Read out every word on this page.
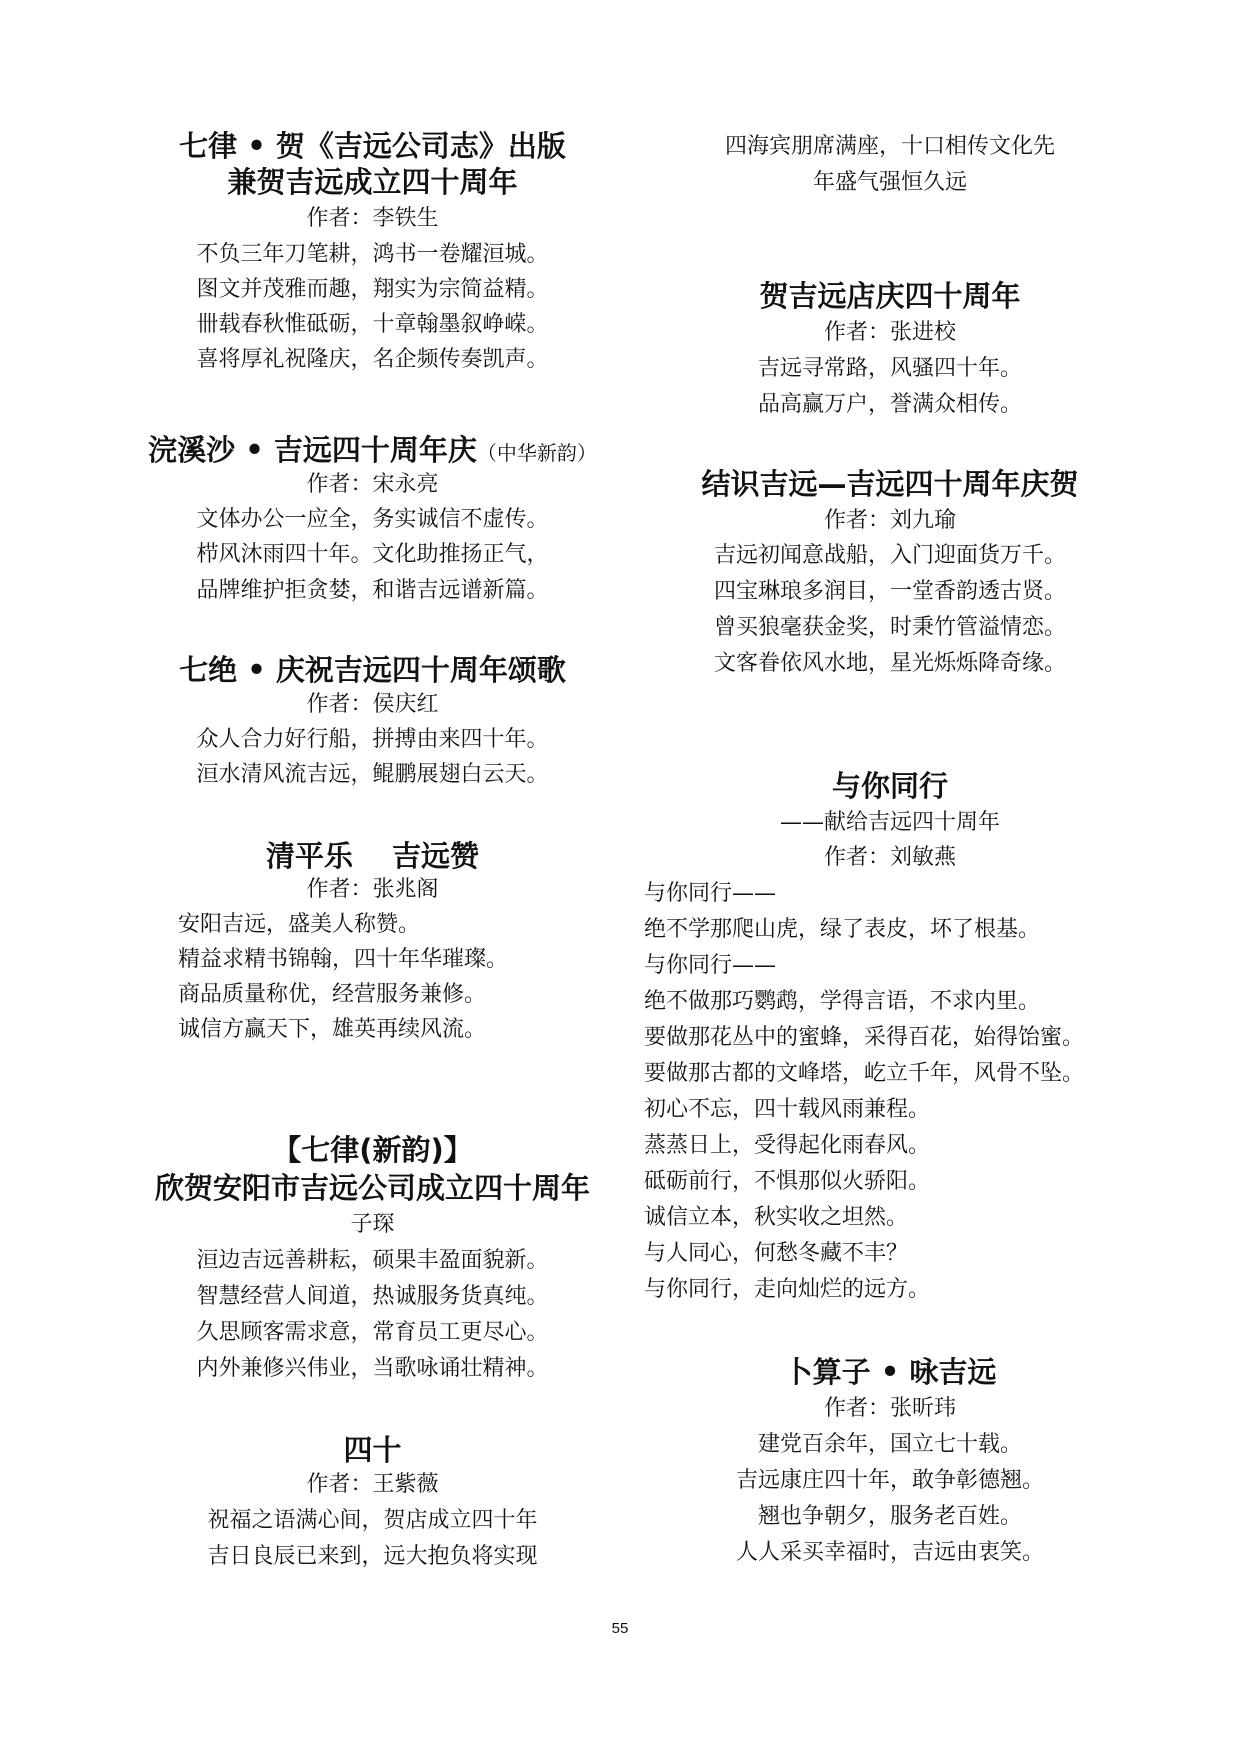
七律 • 贺《吉远公司志》出版
兼贺吉远成立四十周年
作者：李铁生
不负三年刀笔耕，鸿书一卷耀洹城。
图文并茂雅而趣，翔实为宗简益精。
卌载春秋惟砥砺，十章翰墨叙峥嵘。
喜将厚礼祝隆庆，名企频传奏凯声。
浣溪沙 • 吉远四十周年庆（中华新韵）
作者：宋永亮
文体办公一应全，务实诚信不虚传。
栉风沐雨四十年。文化助推扬正气，
品牌维护拒贪婪，和谐吉远谱新篇。
七绝 • 庆祝吉远四十周年颂歌
作者：侯庆红
众人合力好行船，拼搏由来四十年。
洹水清风流吉远，鲲鹏展翅白云天。
清平乐　 吉远赞
作者：张兆阁
安阳吉远，盛美人称赞。
精益求精书锦翰，四十年华璀璨。
商品质量称优，经营服务兼修。
诚信方赢天下，雄英再续风流。
【七律(新韵)】
欣贺安阳市吉远公司成立四十周年
子琛
洹边吉远善耕耘，硕果丰盈面貌新。
智慧经营人间道，热诚服务货真纯。
久思顾客需求意，常育员工更尽心。
内外兼修兴伟业，当歌咏诵壮精神。
四十
作者：王紫薇
祝福之语满心间，贺店成立四十年
吉日良辰已来到，远大抱负将实现
四海宾朋席满座，十口相传文化先
年盛气强恒久远
贺吉远店庆四十周年
作者：张进校
吉远寻常路，风骚四十年。
品高赢万户，誉满众相传。
结识吉远—吉远四十周年庆贺
作者：刘九瑜
吉远初闻意战船，入门迎面货万千。
四宝琳琅多润目，一堂香韵透古贤。
曾买狼毫获金奖，时秉竹管溢情恋。
文客眷依风水地，星光烁烁降奇缘。
与你同行
——献给吉远四十周年
作者：刘敏燕
与你同行——
绝不学那爬山虎，绿了表皮，坏了根基。
与你同行——
绝不做那巧鹦鹉，学得言语，不求内里。
要做那花丛中的蜜蜂，采得百花，始得饴蜜。
要做那古都的文峰塔，屹立千年，风骨不坠。
初心不忘，四十载风雨兼程。
蒸蒸日上，受得起化雨春风。
砥砺前行，不惧那似火骄阳。
诚信立本，秋实收之坦然。
与人同心，何愁冬藏不丰？
与你同行，走向灿烂的远方。
卜算子 • 咏吉远
作者：张昕玮
建党百余年，国立七十载。
吉远康庄四十年，敢争彰德翘。
翘也争朝夕，服务老百姓。
人人采买幸福时，吉远由衷笑。
55
